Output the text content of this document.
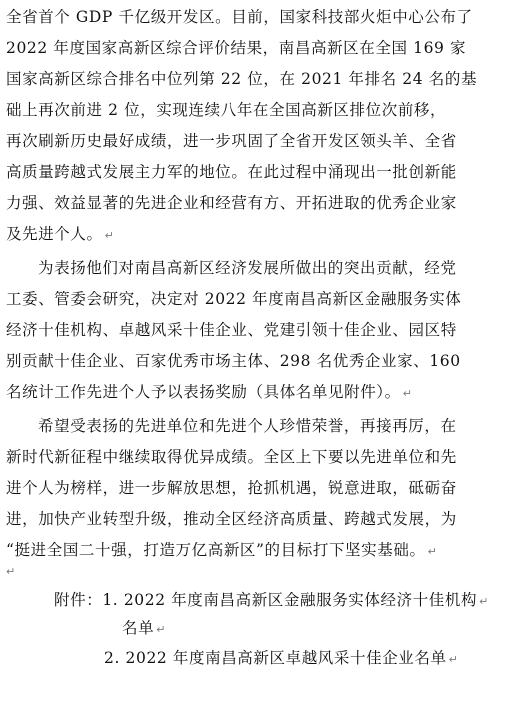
全省首个 GDP 千亿级开发区。目前，国家科技部火炬中心公布了
2022 年度国家高新区综合评价结果，南昌高新区在全国 169 家
国家高新区综合排名中位列第 22 位，在 2021 年排名 24 名的基
础上再次前进 2 位，实现连续八年在全国高新区排位次前移，
再次刷新历史最好成绩，进一步巩固了全省开发区领头羊、全省
高质量跨越式发展主力军的地位。在此过程中涌现出一批创新能
力强、效益显著的先进企业和经营有方、开拓进取的优秀企业家
及先进个人。 ↵
为表扬他们对南昌高新区经济发展所做出的突出贡献，经党
工委、管委会研究，决定对 2022 年度南昌高新区金融服务实体
经济十佳机构、卓越风采十佳企业、党建引领十佳企业、园区特
别贡献十佳企业、百家优秀市场主体、298 名优秀企业家、160
名统计工作先进个人予以表扬奖励（具体名单见附件）。 ↵
希望受表扬的先进单位和先进个人珍惜荣誉，再接再厉，在
新时代新征程中继续取得优异成绩。全区上下要以先进单位和先
进个人为榜样，进一步解放思想，抢抓机遇，锐意进取，砥砺奋
进，加快产业转型升级，推动全区经济高质量、跨越式发展，为
“挺进全国二十强，打造万亿高新区”的目标打下坚实基础。 ↵
↵
附件：1. 2022 年度南昌高新区金融服务实体经济十佳机构 ↵
名单 ↵
2. 2022 年度南昌高新区卓越风采十佳企业名单 ↵
